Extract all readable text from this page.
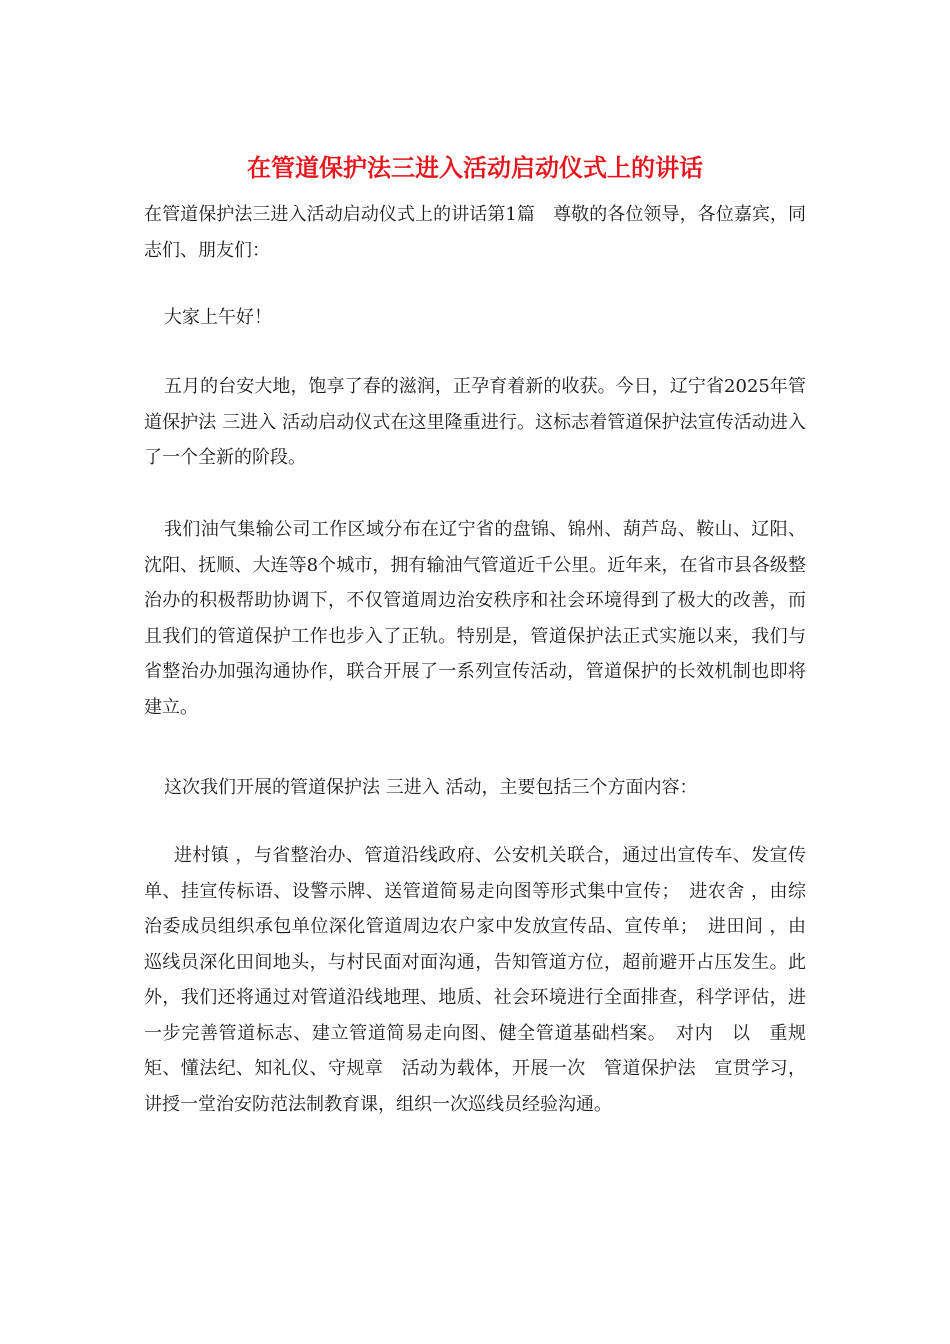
在管道保护法三进入活动启动仪式上的讲话

在管道保护法三进入活动启动仪式上的讲话第1篇　尊敬的各位领导，各位嘉宾，同志们、朋友们：

大家上午好！

五月的台安大地，饱享了春的滋润，正孕育着新的收获。今日，辽宁省2025年管道保护法 三进入 活动启动仪式在这里隆重进行。这标志着管道保护法宣传活动进入了一个全新的阶段。

我们油气集输公司工作区域分布在辽宁省的盘锦、锦州、葫芦岛、鞍山、辽阳、沈阳、抚顺、大连等8个城市，拥有输油气管道近千公里。近年来，在省市县各级整治办的积极帮助协调下，不仅管道周边治安秩序和社会环境得到了极大的改善，而且我们的管道保护工作也步入了正轨。特别是，管道保护法正式实施以来，我们与省整治办加强沟通协作，联合开展了一系列宣传活动，管道保护的长效机制也即将建立。

这次我们开展的管道保护法 三进入 活动，主要包括三个方面内容：

进村镇 ，与省整治办、管道沿线政府、公安机关联合，通过出宣传车、发宣传单、挂宣传标语、设警示牌、送管道简易走向图等形式集中宣传；　进农舍 ，由综治委成员组织承包单位深化管道周边农户家中发放宣传品、宣传单；　进田间 ，由巡线员深化田间地头，与村民面对面沟通，告知管道方位，超前避开占压发生。此外，我们还将通过对管道沿线地理、地质、社会环境进行全面排查，科学评估，进一步完善管道标志、建立管道简易走向图、健全管道基础档案。　对内　以　重规矩、懂法纪、知礼仪、守规章　活动为载体，开展一次　管道保护法　宣贯学习，讲授一堂治安防范法制教育课，组织一次巡线员经验沟通。
